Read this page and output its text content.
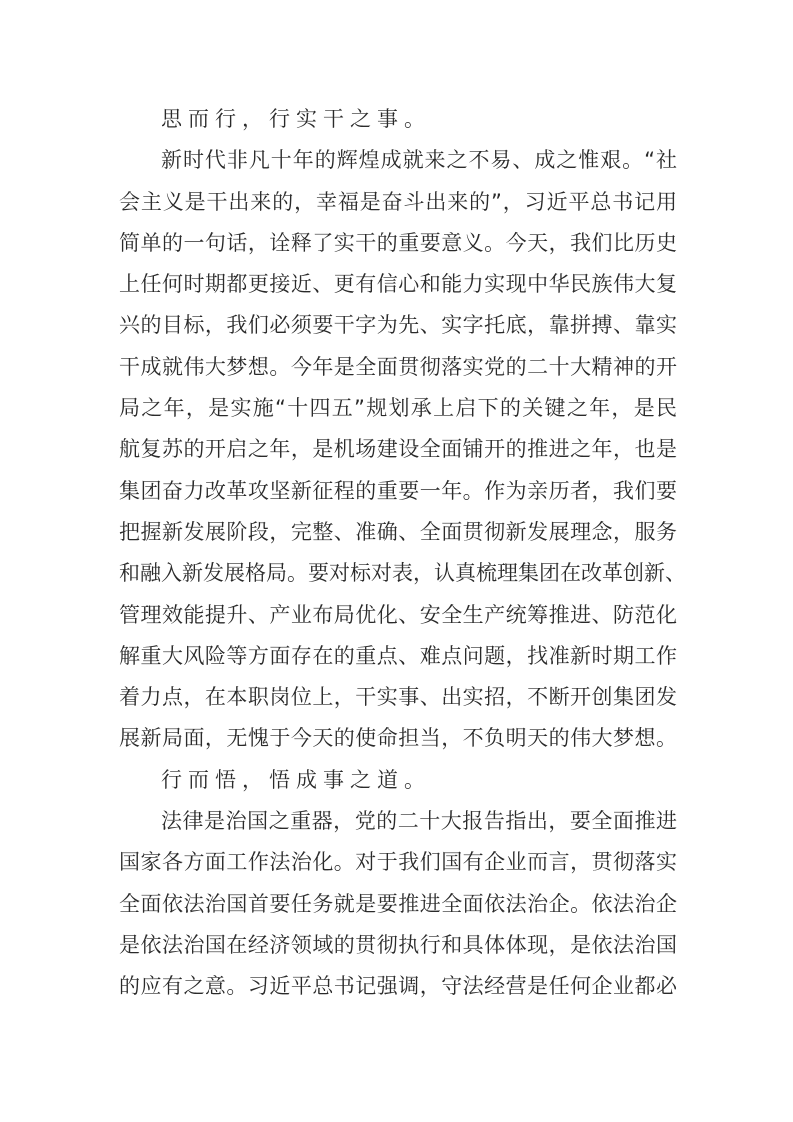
思而行，行实干之事。
新时代非凡十年的辉煌成就来之不易、成之惟艰。“社
会主义是干出来的，幸福是奋斗出来的”，习近平总书记用
简单的一句话，诠释了实干的重要意义。今天，我们比历史
上任何时期都更接近、更有信心和能力实现中华民族伟大复
兴的目标，我们必须要干字为先、实字托底，靠拼搏、靠实
干成就伟大梦想。今年是全面贯彻落实党的二十大精神的开
局之年，是实施“十四五”规划承上启下的关键之年，是民
航复苏的开启之年，是机场建设全面铺开的推进之年，也是
集团奋力改革攻坚新征程的重要一年。作为亲历者，我们要
把握新发展阶段，完整、准确、全面贯彻新发展理念，服务
和融入新发展格局。要对标对表，认真梳理集团在改革创新、
管理效能提升、产业布局优化、安全生产统筹推进、防范化
解重大风险等方面存在的重点、难点问题，找准新时期工作
着力点，在本职岗位上，干实事、出实招，不断开创集团发
展新局面，无愧于今天的使命担当，不负明天的伟大梦想。
行而悟，悟成事之道。
法律是治国之重器，党的二十大报告指出，要全面推进
国家各方面工作法治化。对于我们国有企业而言，贯彻落实
全面依法治国首要任务就是要推进全面依法治企。依法治企
是依法治国在经济领域的贯彻执行和具体体现，是依法治国
的应有之意。习近平总书记强调，守法经营是任何企业都必
